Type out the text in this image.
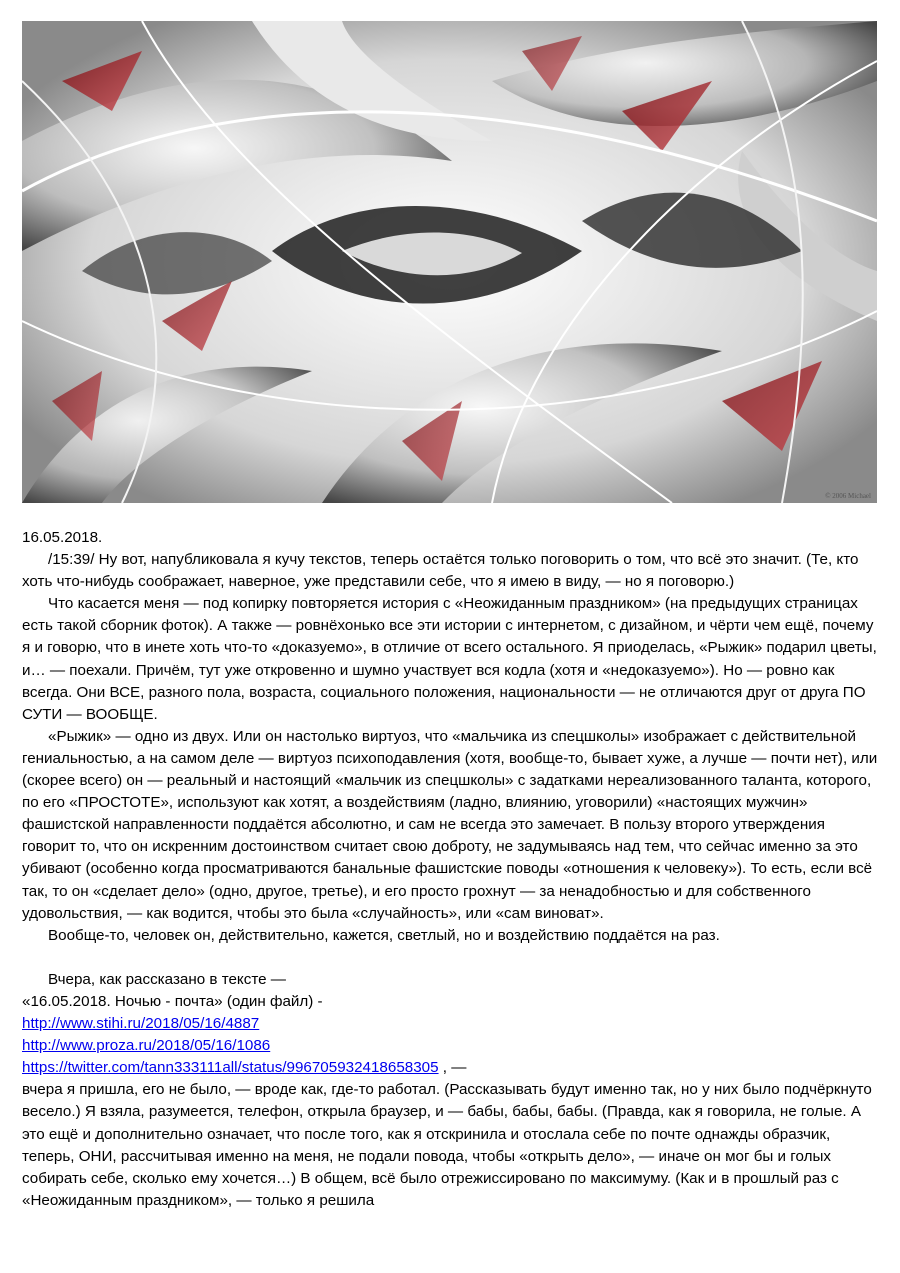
© 2006 Michael

16.05.2018.

/15:39/ Ну вот, напубликовала я кучу текстов, теперь остаётся только поговорить о том, что всё это значит. (Те, кто хоть что-нибудь соображает, наверное, уже представили себе, что я имею в виду, — но я поговорю.)

Что касается меня — под копирку повторяется история с «Неожиданным праздником» (на предыдущих страницах есть такой сборник фоток). А также — ровнёхонько все эти истории с интернетом, с дизайном, и чёрти чем ещё, почему я и говорю, что в инете хоть что-то «доказуемо», в отличие от всего остального. Я приоделась, «Рыжик» подарил цветы, и… — поехали. Причём, тут уже откровенно и шумно участвует вся кодла (хотя и «недоказуемо»). Но — ровно как всегда. Они ВСЕ, разного пола, возраста, социального положения, национальности — не отличаются друг от друга ПО СУТИ — ВООБЩЕ.

«Рыжик» — одно из двух. Или он настолько виртуоз, что «мальчика из спецшколы» изображает с действительной гениальностью, а на самом деле — виртуоз психоподавления (хотя, вообще-то, бывает хуже, а лучше — почти нет), или (скорее всего) он — реальный и настоящий «мальчик из спецшколы» с задатками нереализованного таланта, которого, по его «ПРОСТОТЕ», используют как хотят, а воздействиям (ладно, влиянию, уговорили) «настоящих мужчин» фашистской направленности поддаётся абсолютно, и сам не всегда это замечает. В пользу второго утверждения говорит то, что он искренним достоинством считает свою доброту, не задумываясь над тем, что сейчас именно за это убивают (особенно когда просматриваются банальные фашистские поводы «отношения к человеку»). То есть, если всё так, то он «сделает дело» (одно, другое, третье), и его просто грохнут — за ненадобностью и для собственного удовольствия, — как водится, чтобы это была «случайность», или «сам виноват».

Вообще-то, человек он, действительно, кажется, светлый, но и воздействию поддаётся на раз.

Вчера, как рассказано в тексте —

«16.05.2018. Ночью - почта» (один файл) -

http://www.stihi.ru/2018/05/16/4887

http://www.proza.ru/2018/05/16/1086

https://twitter.com/tann333111all/status/996705932418658305 , —

вчера я пришла, его не было, — вроде как, где-то работал. (Рассказывать будут именно так, но у них было подчёркнуто весело.) Я взяла, разумеется, телефон, открыла браузер, и — бабы, бабы, бабы. (Правда, как я говорила, не голые. А это ещё и дополнительно означает, что после того, как я отскринила и отослала себе по почте однажды образчик, теперь, ОНИ, рассчитывая именно на меня, не подали повода, чтобы «открыть дело», — иначе он мог бы и голых собирать себе, сколько ему хочется…) В общем, всё было отрежиссировано по максимуму. (Как и в прошлый раз с «Неожиданным праздником», — только я решила
